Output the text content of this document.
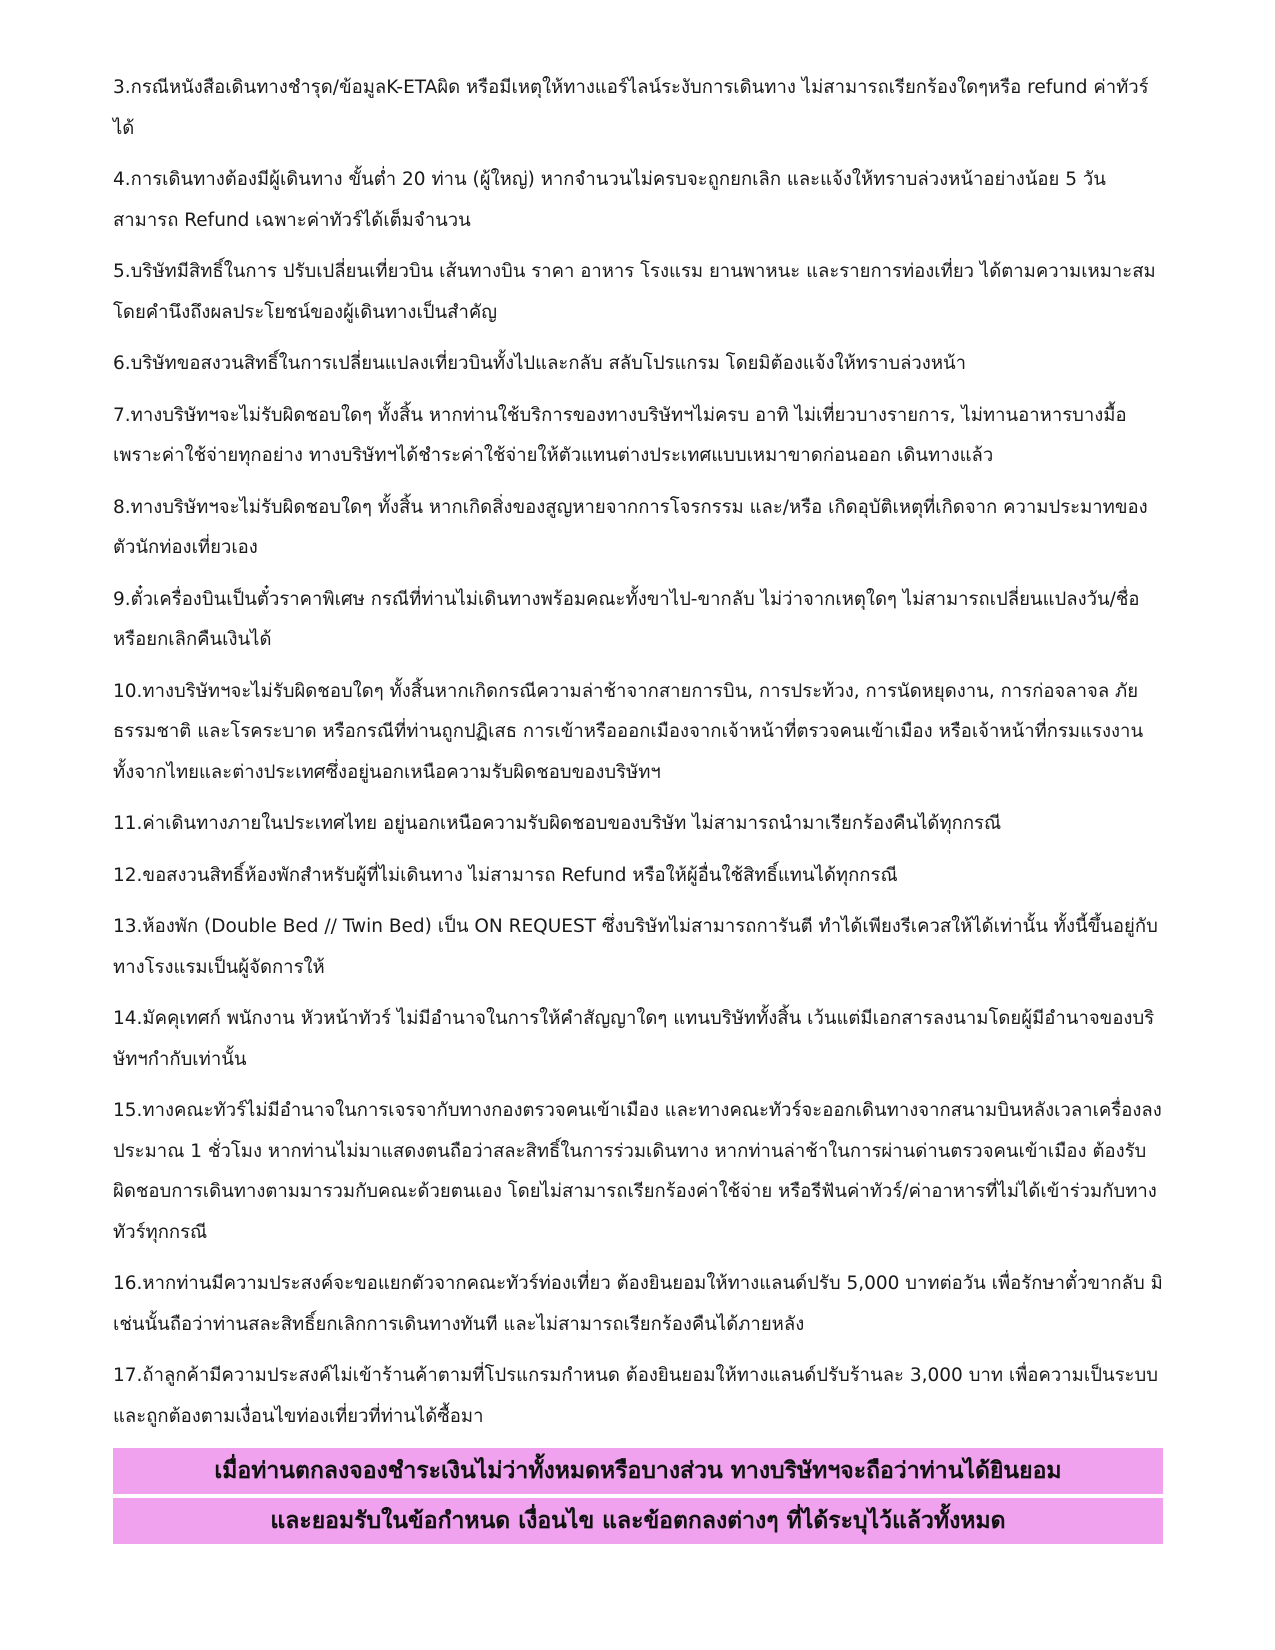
3.กรณีหนังสือเดินทางชำรุด/ข้อมูลK-ETAผิด หรือมีเหตุให้ทางแอร์ไลน์ระงับการเดินทาง ไม่สามารถเรียกร้องใดๆหรือ refund ค่าทัวร์ได้
4.การเดินทางต้องมีผู้เดินทาง ขั้นต่ำ 20 ท่าน (ผู้ใหญ่) หากจำนวนไม่ครบจะถูกยกเลิก และแจ้งให้ทราบล่วงหน้าอย่างน้อย 5 วัน สามารถ Refund เฉพาะค่าทัวร์ได้เต็มจำนวน
5.บริษัทมีสิทธิ์ในการ ปรับเปลี่ยนเที่ยวบิน เส้นทางบิน ราคา อาหาร โรงแรม ยานพาหนะ และรายการท่องเที่ยว ได้ตามความเหมาะสม โดยคำนึงถึงผลประโยชน์ของผู้เดินทางเป็นสำคัญ
6.บริษัทขอสงวนสิทธิ์ในการเปลี่ยนแปลงเที่ยวบินทั้งไปและกลับ สลับโปรแกรม โดยมิต้องแจ้งให้ทราบล่วงหน้า
7.ทางบริษัทฯจะไม่รับผิดชอบใดๆ ทั้งสิ้น หากท่านใช้บริการของทางบริษัทฯไม่ครบ อาทิ ไม่เที่ยวบางรายการ, ไม่ทานอาหารบางมื้อ เพราะค่าใช้จ่ายทุกอย่าง ทางบริษัทฯได้ชำระค่าใช้จ่ายให้ตัวแทนต่างประเทศแบบเหมาขาดก่อนออก เดินทางแล้ว
8.ทางบริษัทฯจะไม่รับผิดชอบใดๆ ทั้งสิ้น หากเกิดสิ่งของสูญหายจากการโจรกรรม และ/หรือ เกิดอุบัติเหตุที่เกิดจาก ความประมาทของตัวนักท่องเที่ยวเอง
9.ตั๋วเครื่องบินเป็นตั๋วราคาพิเศษ กรณีที่ท่านไม่เดินทางพร้อมคณะทั้งขาไป-ขากลับ ไม่ว่าจากเหตุใดๆ ไม่สามารถเปลี่ยนแปลงวัน/ชื่อ หรือยกเลิกคืนเงินได้
10.ทางบริษัทฯจะไม่รับผิดชอบใดๆ ทั้งสิ้นหากเกิดกรณีความล่าช้าจากสายการบิน, การประท้วง, การนัดหยุดงาน, การก่อจลาจล ภัยธรรมชาติ และโรคระบาด หรือกรณีที่ท่านถูกปฏิเสธ การเข้าหรือออกเมืองจากเจ้าหน้าที่ตรวจคนเข้าเมือง หรือเจ้าหน้าที่กรมแรงงานทั้งจากไทยและต่างประเทศซึ่งอยู่นอกเหนือความรับผิดชอบของบริษัทฯ
11.ค่าเดินทางภายในประเทศไทย อยู่นอกเหนือความรับผิดชอบของบริษัท ไม่สามารถนำมาเรียกร้องคืนได้ทุกกรณี
12.ขอสงวนสิทธิ์ห้องพักสำหรับผู้ที่ไม่เดินทาง ไม่สามารถ Refund หรือให้ผู้อื่นใช้สิทธิ์แทนได้ทุกกรณี
13.ห้องพัก (Double Bed // Twin Bed) เป็น ON REQUEST ซึ่งบริษัทไม่สามารถการันตี ทำได้เพียงรีเควสให้ได้เท่านั้น ทั้งนี้ขึ้นอยู่กับทางโรงแรมเป็นผู้จัดการให้
14.มัคคุเทศก์ พนักงาน หัวหน้าทัวร์ ไม่มีอำนาจในการให้คำสัญญาใดๆ แทนบริษัททั้งสิ้น เว้นแต่มีเอกสารลงนามโดยผู้มีอำนาจของบริษัทฯกำกับเท่านั้น
15.ทางคณะทัวร์ไม่มีอำนาจในการเจรจากับทางกองตรวจคนเข้าเมือง และทางคณะทัวร์จะออกเดินทางจากสนามบินหลังเวลาเครื่องลงประมาณ 1 ชั่วโมง หากท่านไม่มาแสดงตนถือว่าสละสิทธิ์ในการร่วมเดินทาง หากท่านล่าช้าในการผ่านด่านตรวจคนเข้าเมือง ต้องรับผิดชอบการเดินทางตามมารวมกับคณะด้วยตนเอง โดยไม่สามารถเรียกร้องค่าใช้จ่าย หรือรีฟันค่าทัวร์/ค่าอาหารที่ไม่ได้เข้าร่วมกับทางทัวร์ทุกกรณี
16.หากท่านมีความประสงค์จะขอแยกตัวจากคณะทัวร์ท่องเที่ยว ต้องยินยอมให้ทางแลนด์ปรับ 5,000 บาทต่อวัน เพื่อรักษาตั๋วขากลับ มิเช่นนั้นถือว่าท่านสละสิทธิ์ยกเลิกการเดินทางทันที และไม่สามารถเรียกร้องคืนได้ภายหลัง
17.ถ้าลูกค้ามีความประสงค์ไม่เข้าร้านค้าตามที่โปรแกรมกำหนด ต้องยินยอมให้ทางแลนด์ปรับร้านละ 3,000 บาท เพื่อความเป็นระบบและถูกต้องตามเงื่อนไขท่องเที่ยวที่ท่านได้ซื้อมา
เมื่อท่านตกลงจองชำระเงินไม่ว่าทั้งหมดหรือบางส่วน ทางบริษัทฯจะถือว่าท่านได้ยินยอม
และยอมรับในข้อกำหนด เงื่อนไข และข้อตกลงต่างๆ ที่ได้ระบุไว้แล้วทั้งหมด
